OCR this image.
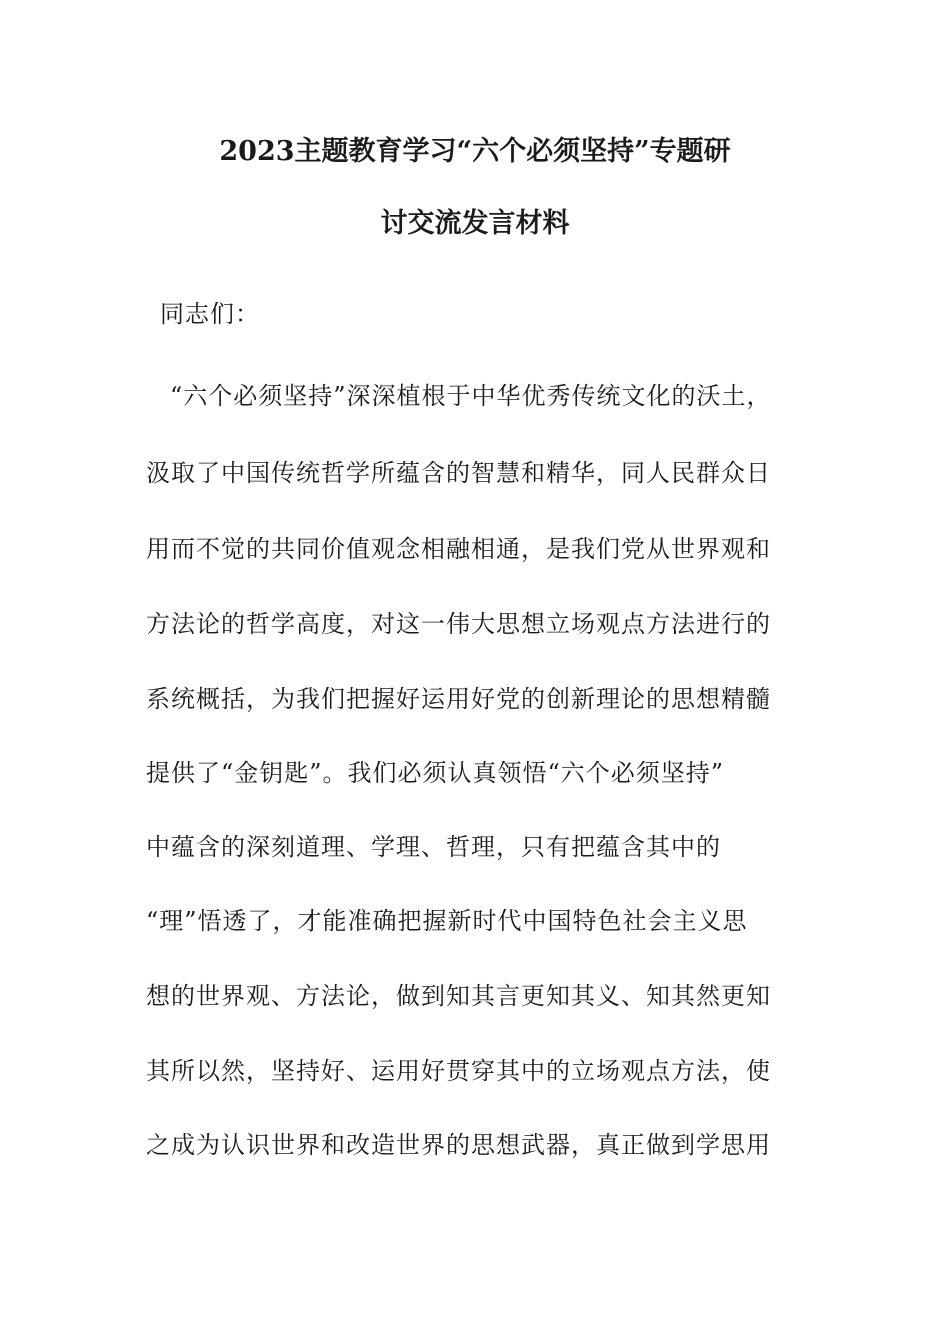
2023主题教育学习“六个必须坚持”专题研
讨交流发言材料
同志们：
“六个必须坚持”深深植根于中华优秀传统文化的沃土，
汲取了中国传统哲学所蕴含的智慧和精华，同人民群众日
用而不觉的共同价值观念相融相通，是我们党从世界观和
方法论的哲学高度，对这一伟大思想立场观点方法进行的
系统概括，为我们把握好运用好党的创新理论的思想精髓
提供了“金钥匙”。我们必须认真领悟“六个必须坚持”
中蕴含的深刻道理、学理、哲理，只有把蕴含其中的
“理”悟透了，才能准确把握新时代中国特色社会主义思
想的世界观、方法论，做到知其言更知其义、知其然更知
其所以然，坚持好、运用好贯穿其中的立场观点方法，使
之成为认识世界和改造世界的思想武器，真正做到学思用
